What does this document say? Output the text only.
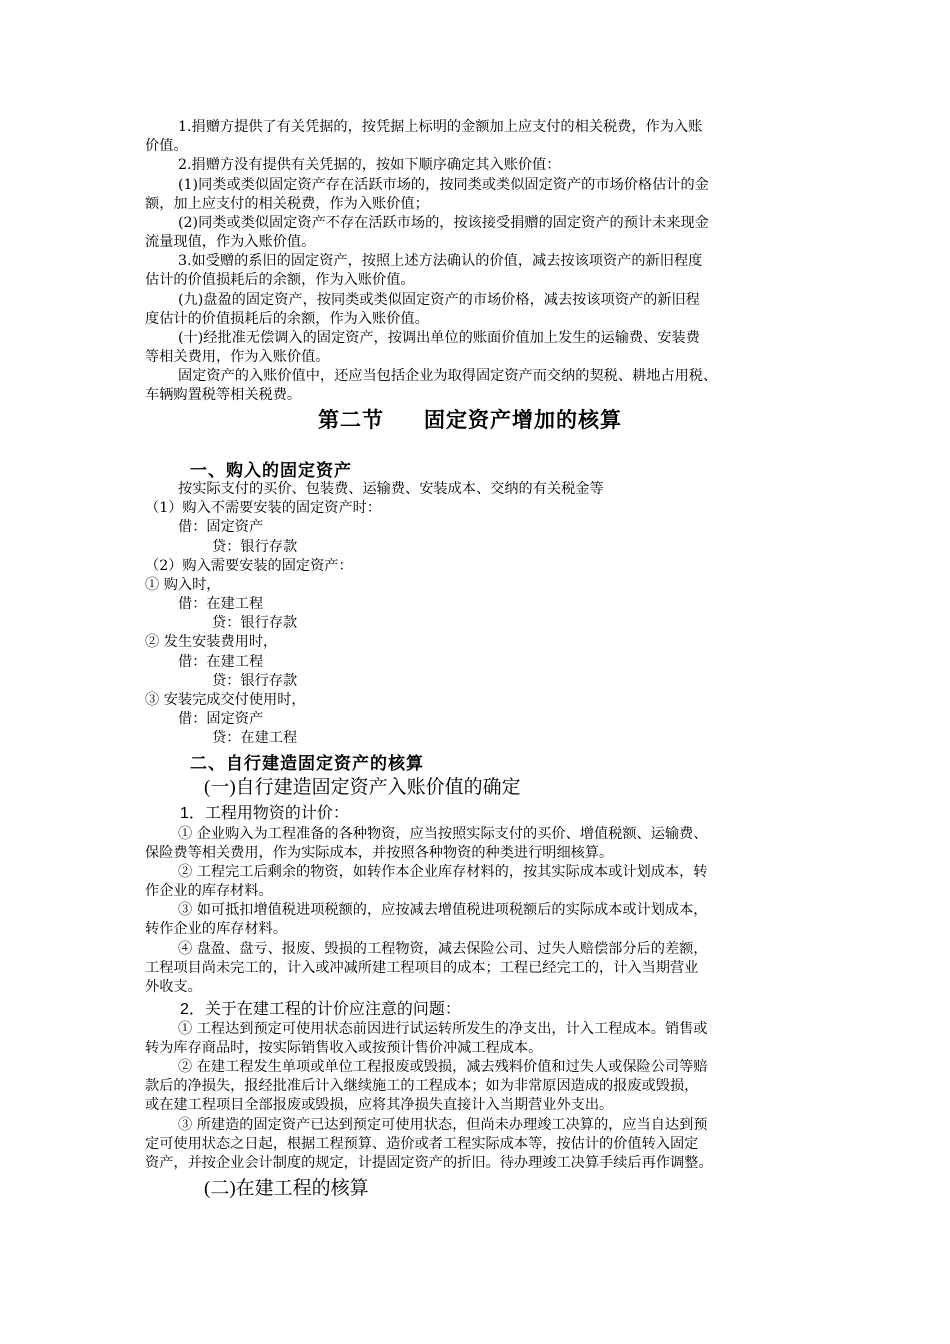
1.捐赠方提供了有关凭据的，按凭据上标明的金额加上应支付的相关税费，作为入账
价值。
2.捐赠方没有提供有关凭据的，按如下顺序确定其入账价值：
(1)同类或类似固定资产存在活跃市场的，按同类或类似固定资产的市场价格估计的金
额，加上应支付的相关税费，作为入账价值；
(2)同类或类似固定资产不存在活跃市场的，按该接受捐赠的固定资产的预计未来现金
流量现值，作为入账价值。
3.如受赠的系旧的固定资产，按照上述方法确认的价值，减去按该项资产的新旧程度
估计的价值损耗后的余额，作为入账价值。
(九)盘盈的固定资产，按同类或类似固定资产的市场价格，减去按该项资产的新旧程
度估计的价值损耗后的余额，作为入账价值。
(十)经批准无偿调入的固定资产，按调出单位的账面价值加上发生的运输费、安装费
等相关费用，作为入账价值。
固定资产的入账价值中，还应当包括企业为取得固定资产而交纳的契税、耕地占用税、
车辆购置税等相关税费。
第二节 固定资产增加的核算
一、购入的固定资产
按实际支付的买价、包装费、运输费、安装成本、交纳的有关税金等
（1）购入不需要安装的固定资产时：
借：固定资产
贷：银行存款
（2）购入需要安装的固定资产：
① 购入时，
借：在建工程
贷：银行存款
② 发生安装费用时，
借：在建工程
贷：银行存款
③ 安装完成交付使用时，
借：固定资产
贷：在建工程
二、自行建造固定资产的核算
(一)自行建造固定资产入账价值的确定
1．工程用物资的计价：
① 企业购入为工程准备的各种物资，应当按照实际支付的买价、增值税额、运输费、
保险费等相关费用，作为实际成本，并按照各种物资的种类进行明细核算。
② 工程完工后剩余的物资，如转作本企业库存材料的，按其实际成本或计划成本，转
作企业的库存材料。
③ 如可抵扣增值税进项税额的，应按减去增值税进项税额后的实际成本或计划成本，
转作企业的库存材料。
④ 盘盈、盘亏、报废、毁损的工程物资，减去保险公司、过失人赔偿部分后的差额，
工程项目尚未完工的，计入或冲减所建工程项目的成本；工程已经完工的，计入当期营业
外收支。
2．关于在建工程的计价应注意的问题：
① 工程达到预定可使用状态前因进行试运转所发生的净支出，计入工程成本。销售或
转为库存商品时，按实际销售收入或按预计售价冲减工程成本。
② 在建工程发生单项或单位工程报废或毁损，减去残料价值和过失人或保险公司等赔
款后的净损失，报经批准后计入继续施工的工程成本；如为非常原因造成的报废或毁损，
或在建工程项目全部报废或毁损，应将其净损失直接计入当期营业外支出。
③ 所建造的固定资产已达到预定可使用状态，但尚未办理竣工决算的，应当自达到预
定可使用状态之日起，根据工程预算、造价或者工程实际成本等，按估计的价值转入固定
资产，并按企业会计制度的规定，计提固定资产的折旧。待办理竣工决算手续后再作调整。
(二)在建工程的核算
